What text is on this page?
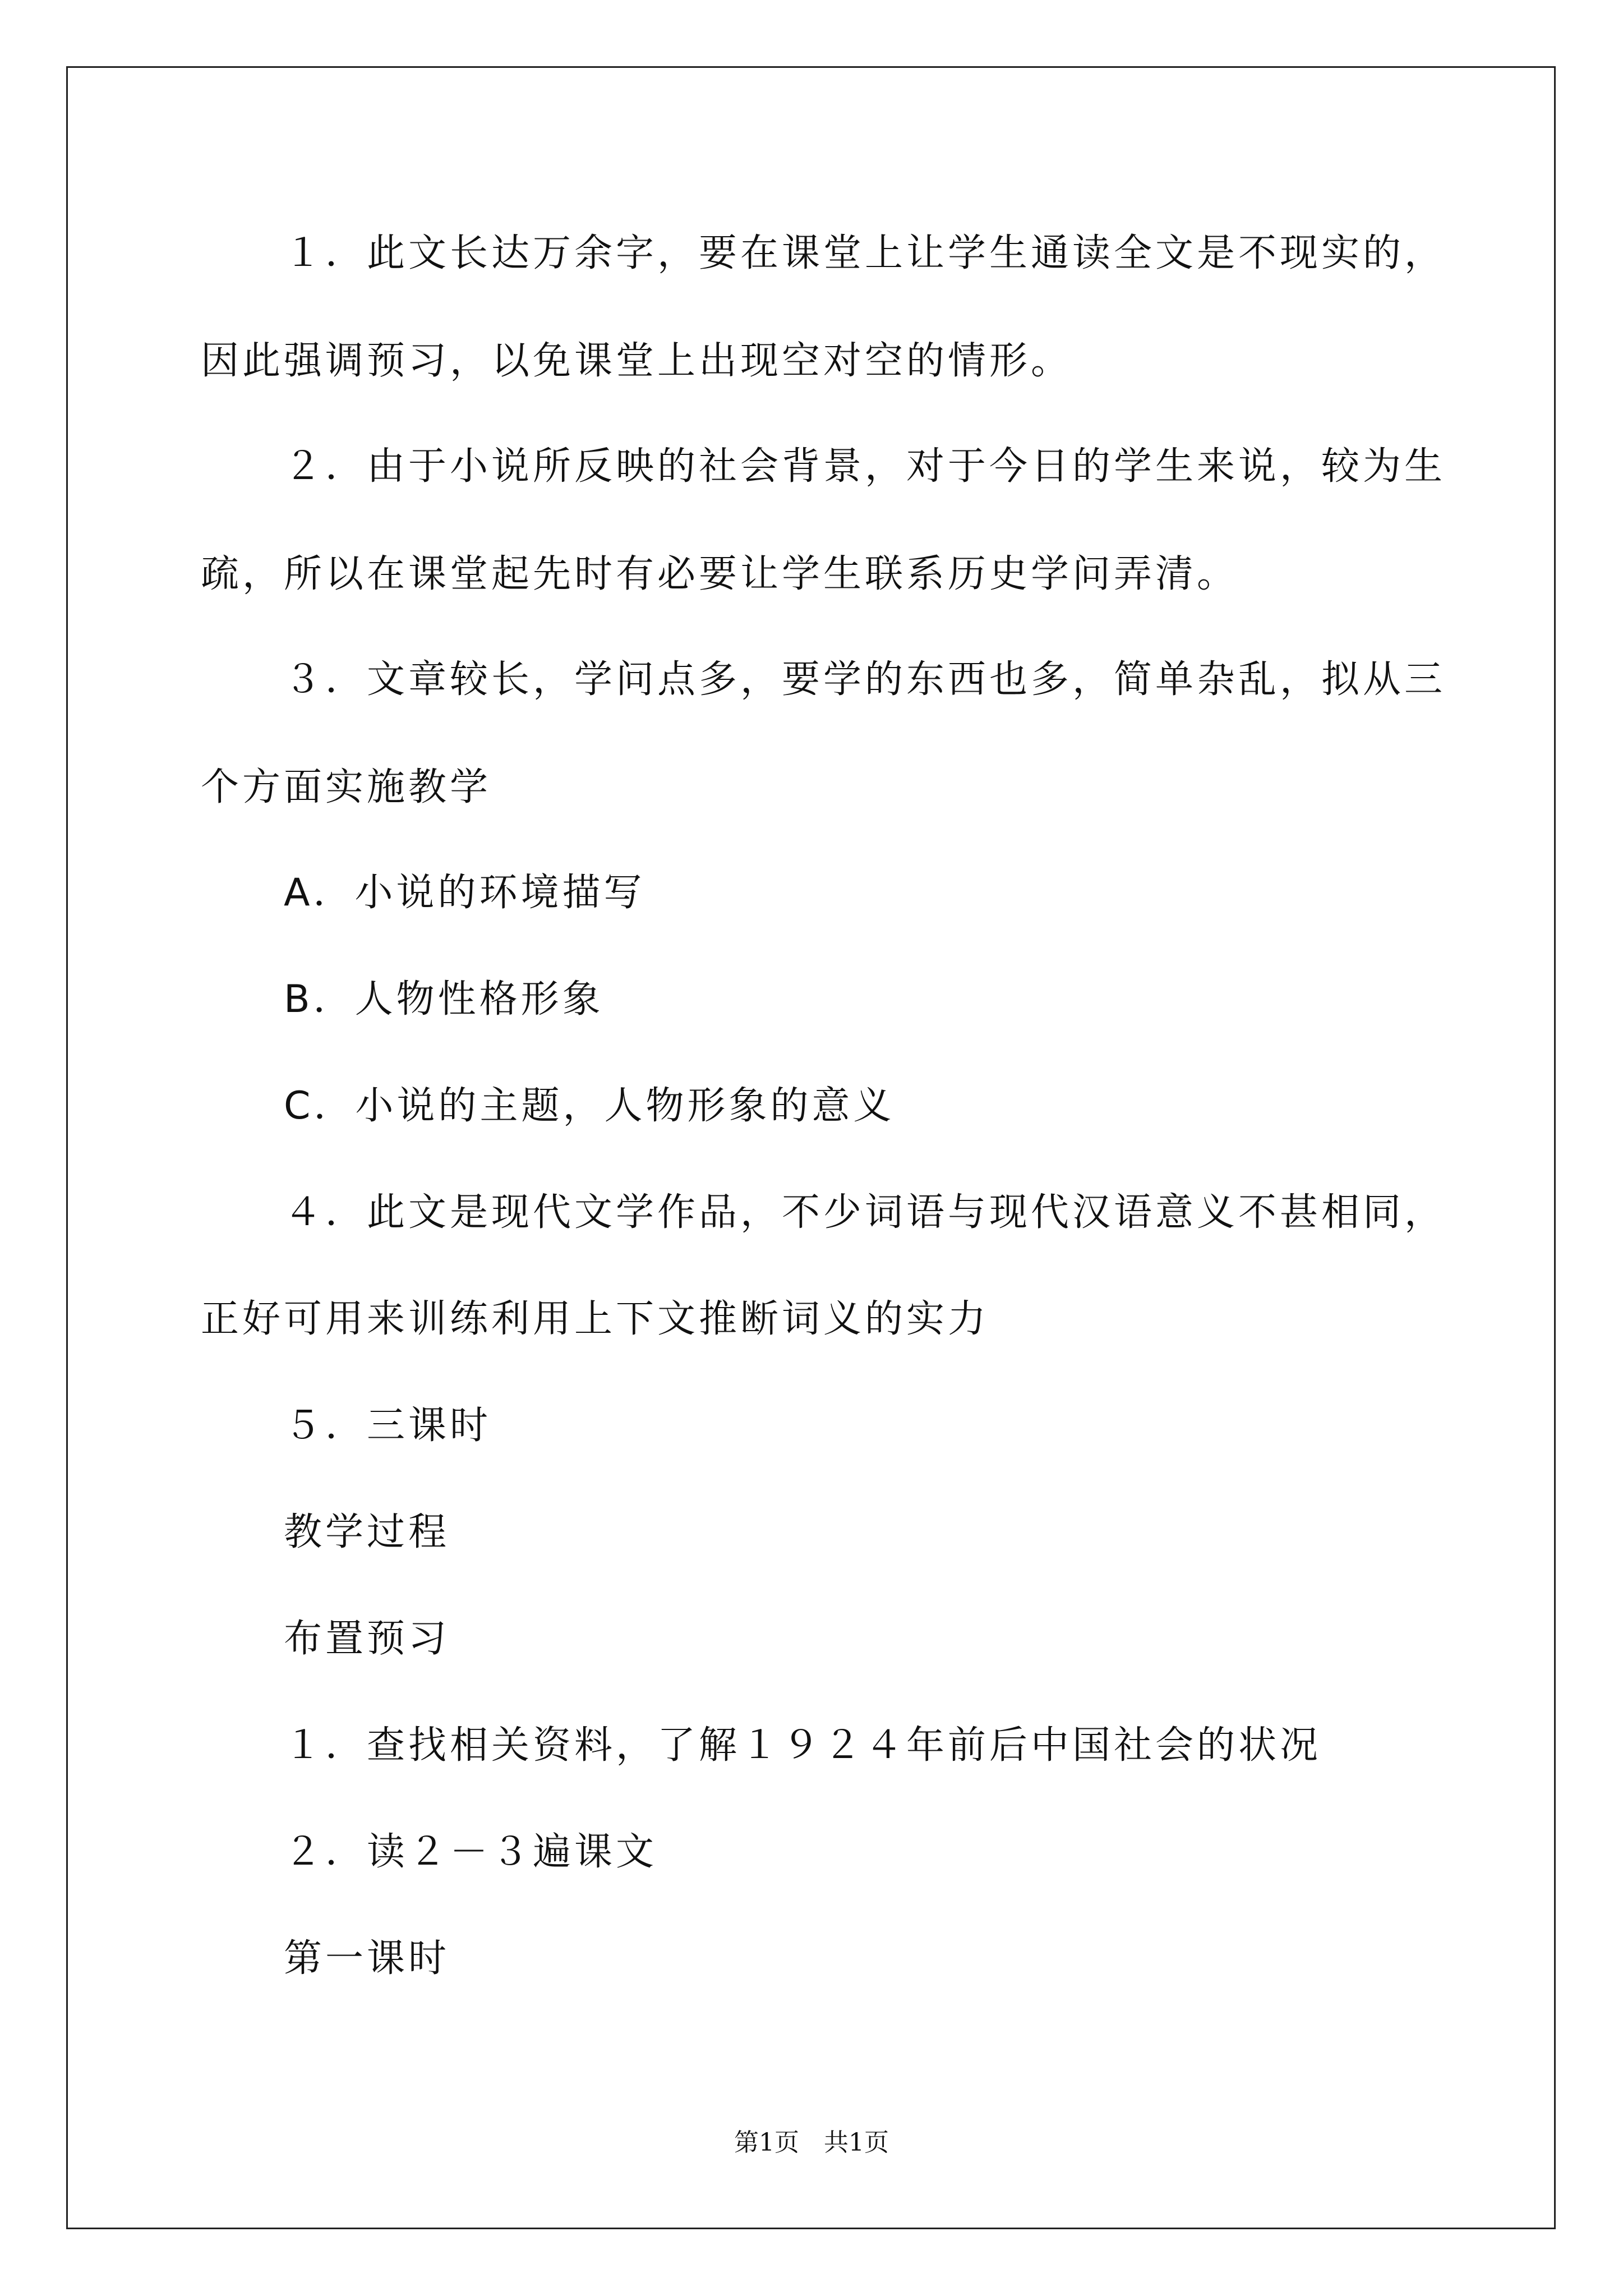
１．此文长达万余字，要在课堂上让学生通读全文是不现实的，
因此强调预习，以免课堂上出现空对空的情形。
２．由于小说所反映的社会背景，对于今日的学生来说，较为生
疏，所以在课堂起先时有必要让学生联系历史学问弄清。
３．文章较长，学问点多，要学的东西也多，简单杂乱，拟从三
个方面实施教学
A．小说的环境描写
B．人物性格形象
C．小说的主题，人物形象的意义
４．此文是现代文学作品，不少词语与现代汉语意义不甚相同，
正好可用来训练利用上下文推断词义的实力
５．三课时
教学过程
布置预习
１．查找相关资料，了解１９２４年前后中国社会的状况
２．读２－３遍课文
第一课时
第1页　共1页
